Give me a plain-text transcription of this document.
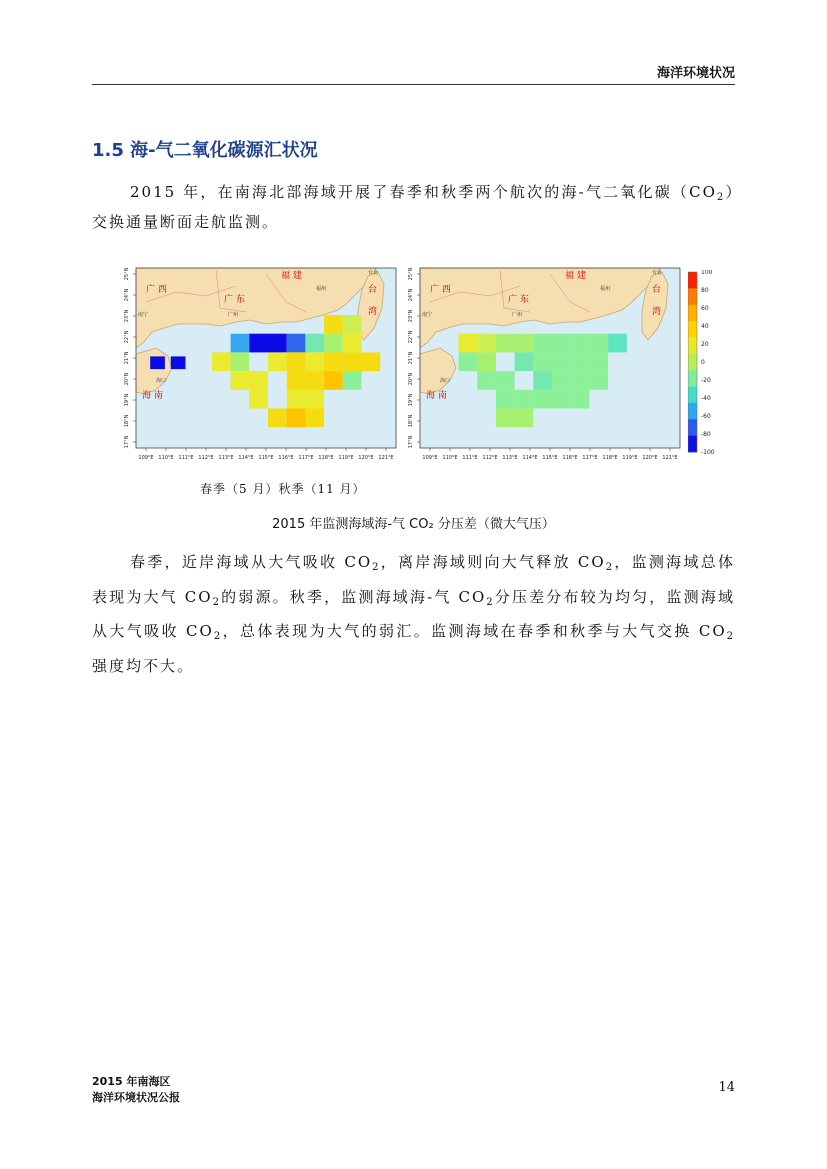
海洋环境状况
1.5 海-气二氧化碳源汇状况

2015 年，在南海北部海域开展了春季和秋季两个航次的海-气二氧化碳$(CO_2)$交换通量断面走航监测。

福 建
广 西
广 东
台
湾
海 南
广州
南宁
海口
福州
台北
109°E 110°E 111°E 112°E 113°E 114°E 115°E 116°E 117°E 118°E 119°E 120°E 121°E
25°N
24°N
23°N
22°N
21°N
20°N
19°N
18°N
17°N
福 建
广 西
广 东
台
湾
海 南
广州
南宁
海口
福州
台北
109°E 110°E 111°E 112°E 113°E 114°E 115°E 116°E 117°E 118°E 119°E 120°E 121°E
25°N
24°N
23°N
22°N
21°N
20°N
19°N
18°N
17°N
100
80
60
40
20
0
-20
-40
-60
-80
-100
春季（5 月）秋季（11 月）
2015 年监测海域海-气 CO₂ 分压差（微大气压）

春季，近岸海域从大气吸收 $CO_2$，离岸海域则向大气释放 $CO_2$，监测海域总体表现为大气 $CO_2$的弱源。秋季，监测海域海-气 $CO_2$分压差分布较为均匀，监测海域从大气吸收 $CO_2$，总体表现为大气的弱汇。监测海域在春季和秋季与大气交换 $CO_2$强度均不大。

2015 年南海区
海洋环境状况公报
14
